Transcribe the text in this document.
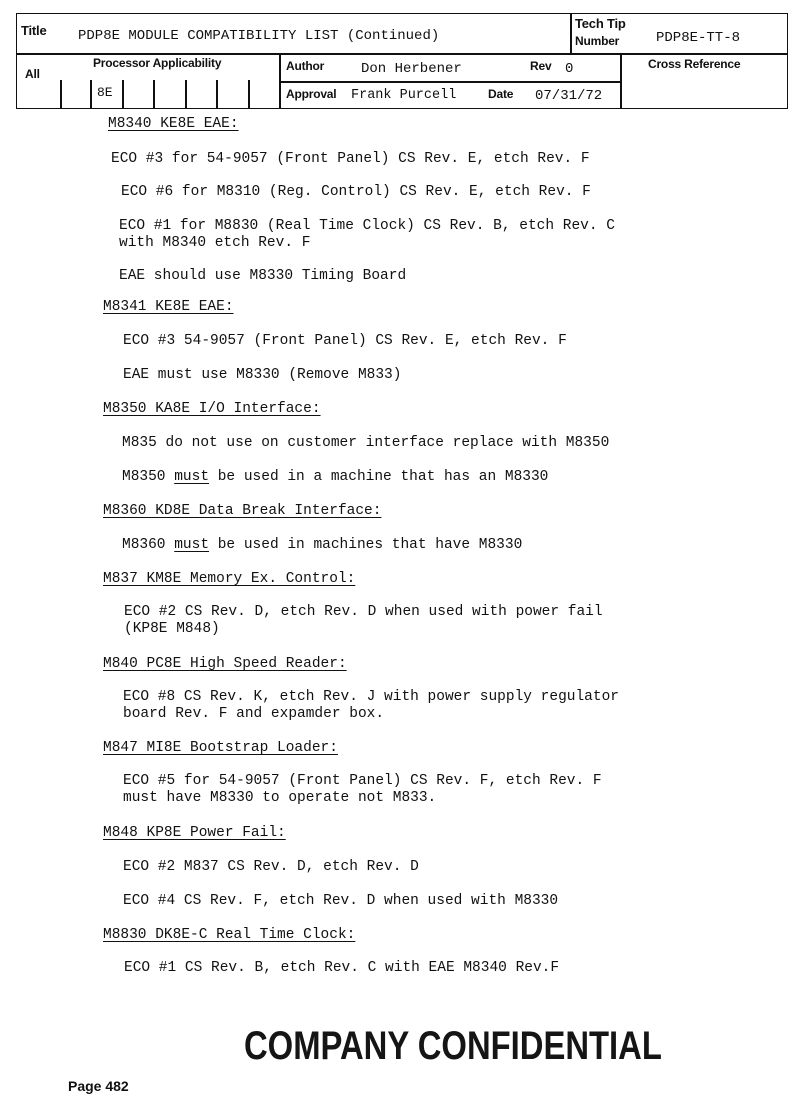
Title PDP8E MODULE COMPATIBILITY LIST (Continued)
Tech Tip
Number	PDP8E-TT-8
All
Processor Applicability
8E
Author	Don Herbener	Rev 0
Approval Frank Purcell	Date 07/31/72
Cross Reference
M8340 KE8E EAE:
ECO #3 for 54-9057 (Front Panel) CS Rev. E, etch Rev. F
ECO #6 for M8310 (Reg. Control) CS Rev. E, etch Rev. F
ECO #1 for M8830 (Real Time Clock) CS Rev. B, etch Rev. C
with M8340 etch Rev. F
EAE should use M8330 Timing Board
M8341 KE8E EAE:
ECO #3 54-9057 (Front Panel) CS Rev. E, etch Rev. F
EAE must use M8330 (Remove M833)
M8350 KA8E I/O Interface:
M835 do not use on customer interface replace with M8350
M8350 must be used in a machine that has an M8330
M8360 KD8E Data Break Interface:
M8360 must be used in machines that have M8330
M837 KM8E Memory Ex. Control:
ECO #2 CS Rev. D, etch Rev. D when used with power fail
(KP8E M848)
M840 PC8E High Speed Reader:
ECO #8 CS Rev. K, etch Rev. J with power supply regulator
board Rev. F and expamder box.
M847 MI8E Bootstrap Loader:
ECO #5 for 54-9057 (Front Panel) CS Rev. F, etch Rev. F
must have M8330 to operate not M833.
M848 KP8E Power Fail:
ECO #2 M837 CS Rev. D, etch Rev. D
ECO #4 CS Rev. F, etch Rev. D when used with M8330
M8830 DK8E-C Real Time Clock:
ECO #1 CS Rev. B, etch Rev. C with EAE M8340 Rev.F
COMPANY CONFIDENTIAL
Page 482
